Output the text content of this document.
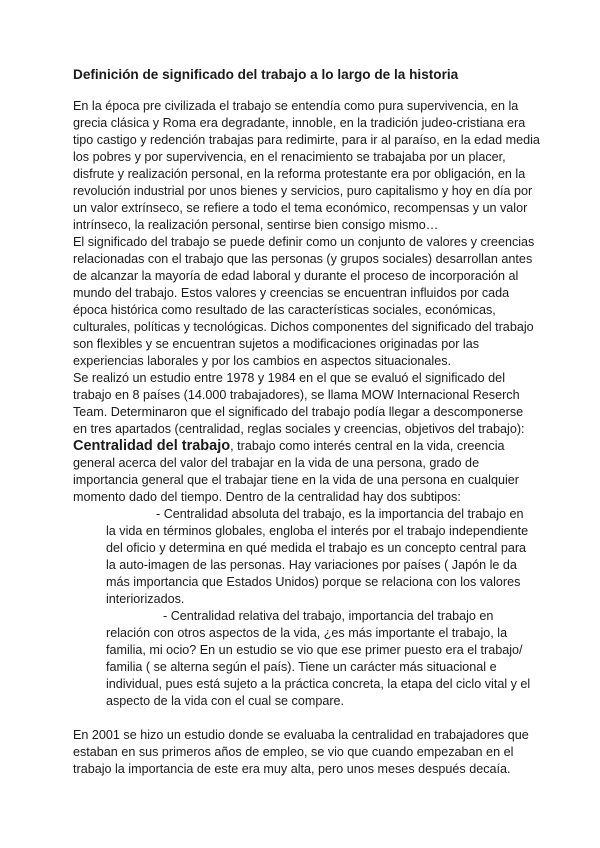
Definición de significado del trabajo a lo largo de la historia

En la época pre civilizada el trabajo se entendía como pura supervivencia, en la grecia clásica y Roma era degradante, innoble, en la tradición judeo-cristiana era tipo castigo y redención trabajas para redimirte, para ir al paraíso, en la edad media los pobres y por supervivencia, en el renacimiento se trabajaba por un placer, disfrute y realización personal, en la reforma protestante era por obligación, en la revolución industrial por unos bienes y servicios, puro capitalismo y hoy en día por un valor extrínseco, se refiere a todo el tema económico, recompensas y un valor intrínseco, la realización personal, sentirse bien consigo mismo…

El significado del trabajo se puede definir como un conjunto de valores y creencias relacionadas con el trabajo que las personas (y grupos sociales) desarrollan antes de alcanzar la mayoría de edad laboral y durante el proceso de incorporación al mundo del trabajo. Estos valores y creencias se encuentran influidos por cada época histórica como resultado de las características sociales, económicas, culturales, políticas y tecnológicas. Dichos componentes del significado del trabajo son flexibles y se encuentran sujetos a modificaciones originadas por las experiencias laborales y por los cambios en aspectos situacionales.

Se realizó un estudio entre 1978 y 1984 en el que se evaluó el significado del trabajo en 8 países (14.000 trabajadores), se llama MOW Internacional Reserch Team. Determinaron que el significado del trabajo podía llegar a descomponerse en tres apartados (centralidad, reglas sociales y creencias, objetivos del trabajo):

Centralidad del trabajo, trabajo como interés central en la vida, creencia general acerca del valor del trabajar en la vida de una persona, grado de importancia general que el trabajar tiene en la vida de una persona en cualquier momento dado del tiempo. Dentro de la centralidad hay dos subtipos:

- Centralidad absoluta del trabajo, es la importancia del trabajo en la vida en términos globales, engloba el interés por el trabajo independiente del oficio y determina en qué medida el trabajo es un concepto central para la auto-imagen de las personas. Hay variaciones por países ( Japón le da más importancia que Estados Unidos) porque se relaciona con los valores interiorizados.

- Centralidad relativa del trabajo, importancia del trabajo en relación con otros aspectos de la vida, ¿es más importante el trabajo, la familia, mi ocio? En un estudio se vio que ese primer puesto era el trabajo/ familia ( se alterna según el país). Tiene un carácter más situacional e individual, pues está sujeto a la práctica concreta, la etapa del ciclo vital y el aspecto de la vida con el cual se compare.

En 2001 se hizo un estudio donde se evaluaba la centralidad en trabajadores que estaban en sus primeros años de empleo, se vio que cuando empezaban en el trabajo la importancia de este era muy alta, pero unos meses después decaía.
